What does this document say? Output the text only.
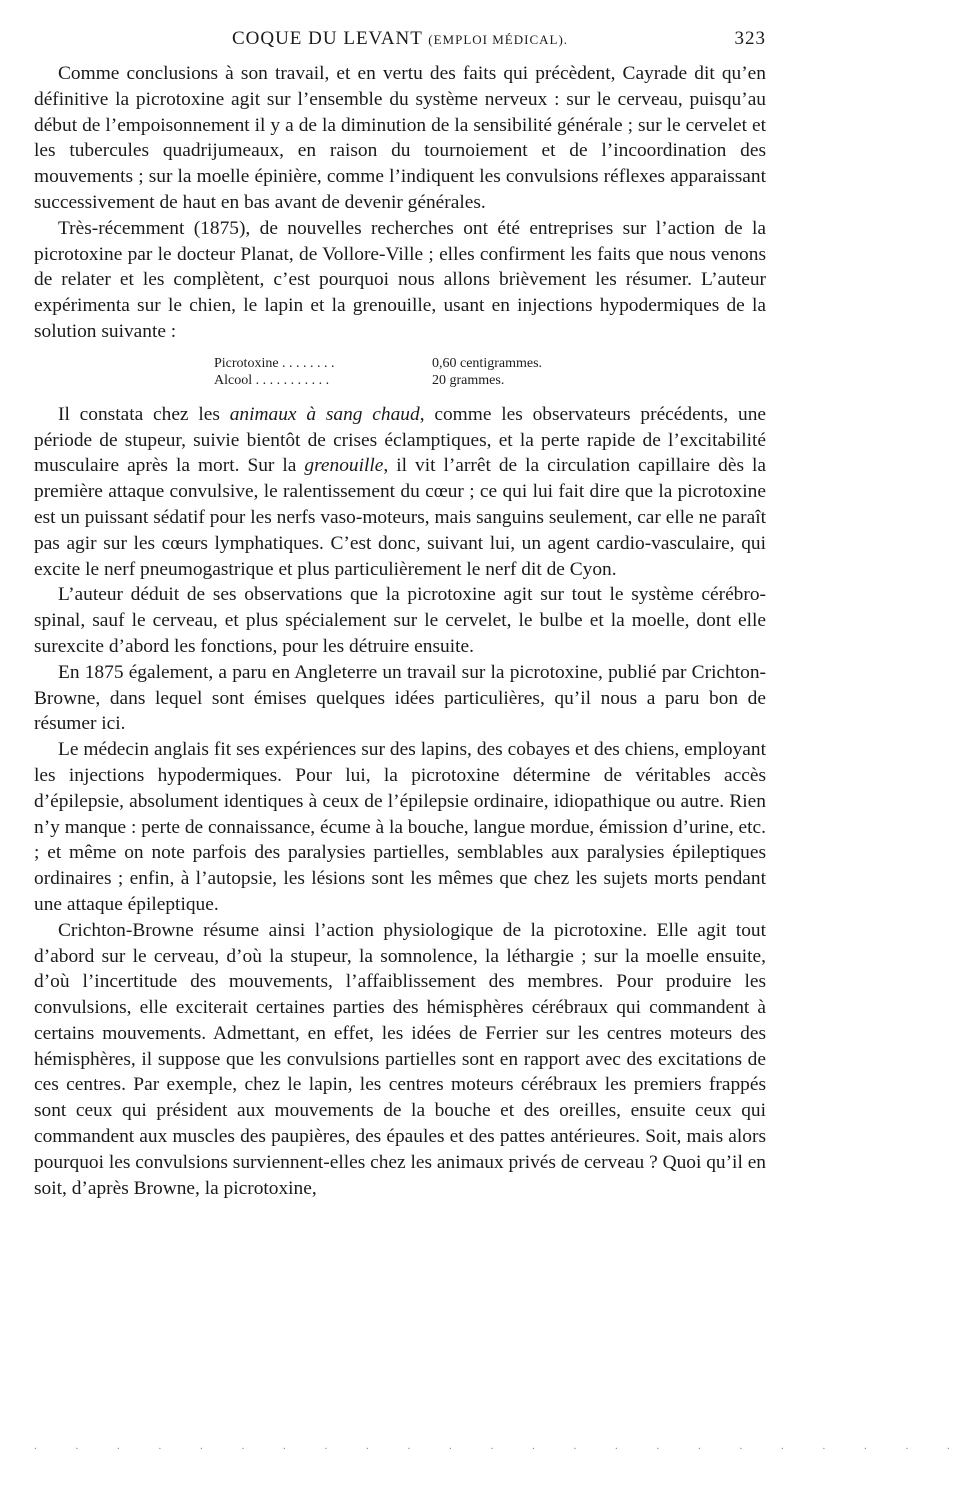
COQUE DU LEVANT (EMPLOI MÉDICAL).	323

Comme conclusions à son travail, et en vertu des faits qui précèdent, Cayrade dit qu’en définitive la picrotoxine agit sur l’ensemble du système nerveux : sur le cerveau, puisqu’au début de l’empoisonnement il y a de la diminution de la sensibilité générale ; sur le cervelet et les tubercules quadrijumeaux, en raison du tournoiement et de l’incoordination des mouvements ; sur la moelle épinière, comme l’indiquent les convulsions réflexes apparaissant successivement de haut en bas avant de devenir générales.

Très-récemment (1875), de nouvelles recherches ont été entreprises sur l’action de la picrotoxine par le docteur Planat, de Vollore-Ville ; elles confirment les faits que nous venons de relater et les complètent, c’est pourquoi nous allons brièvement les résumer. L’auteur expérimenta sur le chien, le lapin et la grenouille, usant en injections hypodermiques de la solution suivante :

Picrotoxine . . . . . . . .	0,60 centigrammes.
Alcool . . . . . . . . . . .	20 grammes.

Il constata chez les animaux à sang chaud, comme les observateurs précédents, une période de stupeur, suivie bientôt de crises éclamptiques, et la perte rapide de l’excitabilité musculaire après la mort. Sur la grenouille, il vit l’arrêt de la circulation capillaire dès la première attaque convulsive, le ralentissement du cœur ; ce qui lui fait dire que la picrotoxine est un puissant sédatif pour les nerfs vaso-moteurs, mais sanguins seulement, car elle ne paraît pas agir sur les cœurs lymphatiques. C’est donc, suivant lui, un agent cardio-vasculaire, qui excite le nerf pneumogastrique et plus particulièrement le nerf dit de Cyon.

L’auteur déduit de ses observations que la picrotoxine agit sur tout le système cérébro-spinal, sauf le cerveau, et plus spécialement sur le cervelet, le bulbe et la moelle, dont elle surexcite d’abord les fonctions, pour les détruire ensuite.

En 1875 également, a paru en Angleterre un travail sur la picrotoxine, publié par Crichton-Browne, dans lequel sont émises quelques idées particulières, qu’il nous a paru bon de résumer ici.

Le médecin anglais fit ses expériences sur des lapins, des cobayes et des chiens, employant les injections hypodermiques. Pour lui, la picrotoxine détermine de véritables accès d’épilepsie, absolument identiques à ceux de l’épilepsie ordinaire, idiopathique ou autre. Rien n’y manque : perte de connaissance, écume à la bouche, langue mordue, émission d’urine, etc. ; et même on note parfois des paralysies partielles, semblables aux paralysies épileptiques ordinaires ; enfin, à l’autopsie, les lésions sont les mêmes que chez les sujets morts pendant une attaque épileptique.

Crichton-Browne résume ainsi l’action physiologique de la picrotoxine. Elle agit tout d’abord sur le cerveau, d’où la stupeur, la somnolence, la léthargie ; sur la moelle ensuite, d’où l’incertitude des mouvements, l’affaiblissement des membres. Pour produire les convulsions, elle exciterait certaines parties des hémisphères cérébraux qui commandent à certains mouvements. Admettant, en effet, les idées de Ferrier sur les centres moteurs des hémisphères, il suppose que les convulsions partielles sont en rapport avec des excitations de ces centres. Par exemple, chez le lapin, les centres moteurs cérébraux les premiers frappés sont ceux qui président aux mouvements de la bouche et des oreilles, ensuite ceux qui commandent aux muscles des paupières, des épaules et des pattes antérieures. Soit, mais alors pourquoi les convulsions surviennent-elles chez les animaux privés de cerveau ? Quoi qu’il en soit, d’après Browne, la picrotoxine,

. . . . . . . . . . . . . . . . . . . . . . .
